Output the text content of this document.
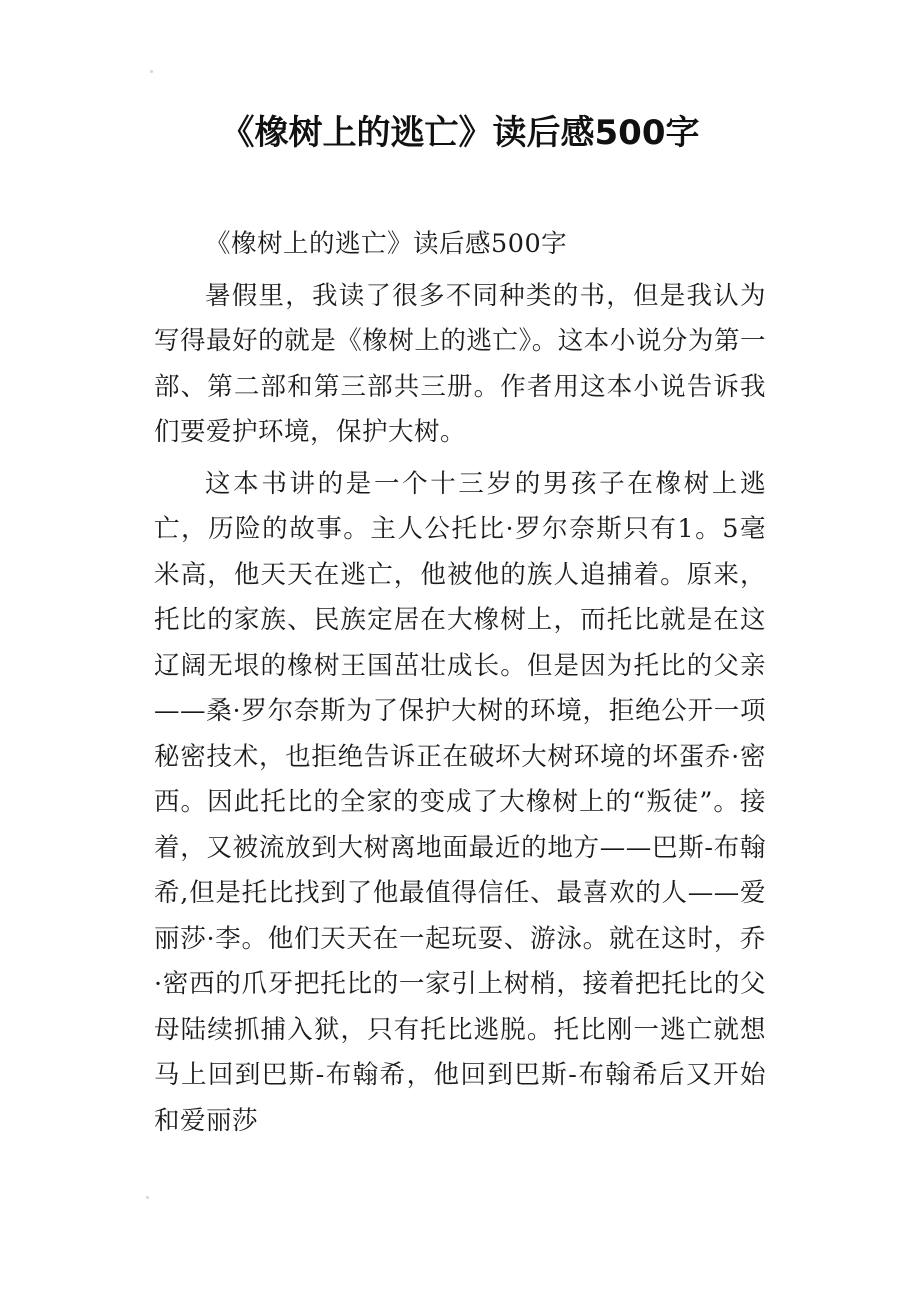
《橡树上的逃亡》读后感500字

《橡树上的逃亡》读后感500字

暑假里，我读了很多不同种类的书，但是我认为写得最好的就是《橡树上的逃亡》。这本小说分为第一部、第二部和第三部共三册。作者用这本小说告诉我们要爱护环境，保护大树。

这本书讲的是一个十三岁的男孩子在橡树上逃亡，历险的故事。主人公托比·罗尔奈斯只有1。5毫米高，他天天在逃亡，他被他的族人追捕着。原来，托比的家族、民族定居在大橡树上，而托比就是在这辽阔无垠的橡树王国茁壮成长。但是因为托比的父亲——桑·罗尔奈斯为了保护大树的环境，拒绝公开一项秘密技术，也拒绝告诉正在破坏大树环境的坏蛋乔·密西。因此托比的全家的变成了大橡树上的“叛徒”。接着，又被流放到大树离地面最近的地方——巴斯-布翰希,但是托比找到了他最值得信任、最喜欢的人——爱丽莎·李。他们天天在一起玩耍、游泳。就在这时，乔·密西的爪牙把托比的一家引上树梢，接着把托比的父母陆续抓捕入狱，只有托比逃脱。托比刚一逃亡就想马上回到巴斯-布翰希，他回到巴斯-布翰希后又开始和爱丽莎
